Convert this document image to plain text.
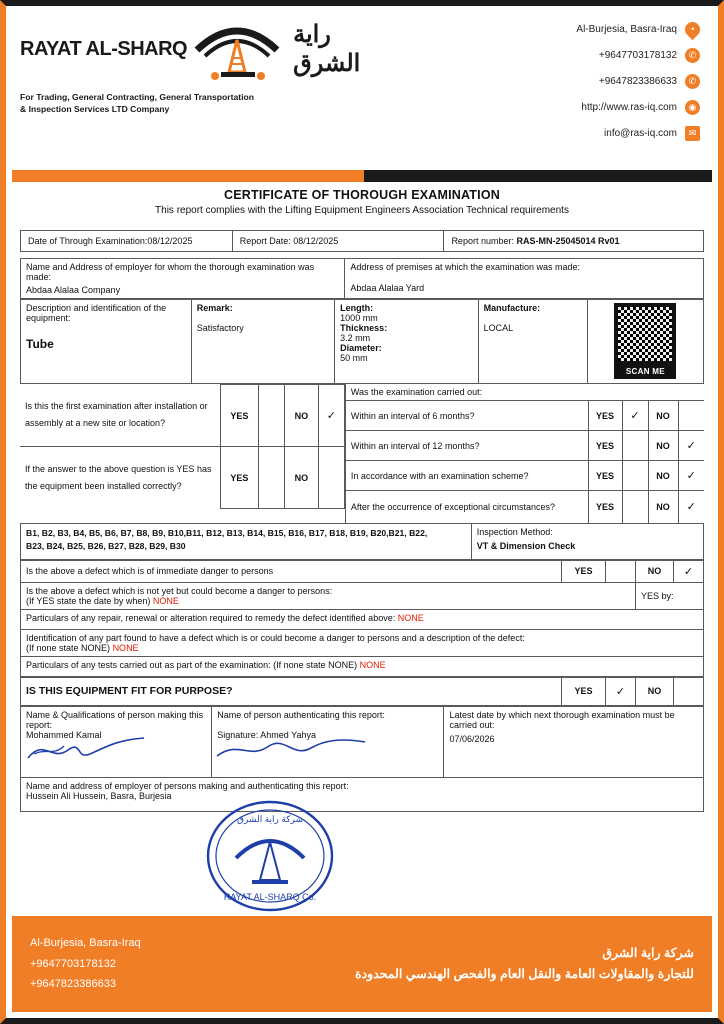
RAYAT AL-SHARQ
راية الشرق
For Trading, General Contracting, General Transportation
& Inspection Services LTD Company
Al-Burjesia, Basra-Iraq •
+9647703178132	✆
+9647823386633	✆
http://www.ras-iq.com	◉
info@ras-iq.com	✉
CERTIFICATE OF THOROUGH EXAMINATION
This report complies with the Lifting Equipment Engineers Association Technical requirements
Date of Through Examination:08/12/2025	Report Date: 08/12/2025	Report number: RAS-MN-25045014 Rv01
Name and Address of employer for whom the thorough examination was made:
Abdaa Alalaa Company

Address of premises at which the examination was made:
Abdaa Alalaa Yard
Description and identification of the equipment:
Tube

Remark:
Satisfactory

Length:
1000 mm
Thickness:
3.2 mm
Diameter:
50 mm

Manufacture:
LOCAL

SCAN ME
Is this the first examination after installation or assembly at a new site or location?	YES		NO	✓
If the answer to the above question is YES has the equipment been installed correctly?	YES		NO	

Was the examination carried out:
Within an interval of 6 months?	YES	✓	NO	
Within an interval of 12 months?	YES		NO	✓
In accordance with an examination scheme?	YES		NO	✓
After the occurrence of exceptional circumstances?	YES		NO	✓
B1, B2, B3, B4, B5, B6, B7, B8, B9, B10,B11, B12, B13, B14, B15, B16, B17, B18, B19, B20,B21, B22,
B23, B24, B25, B26, B27, B28, B29, B30

Inspection Method:
VT & Dimension Check
Is the above a defect which is of immediate danger to persons	YES		NO	✓

Is the above a defect which is not yet but could become a danger to persons:
(If YES state the date by when) NONE			YES by:	
Particulars of any repair, renewal or alteration required to remedy the defect identified above: NONE				

Identification of any part found to have a defect which is or could become a danger to persons and a description of the defect:
(If none state NONE) NONE				

Particulars of any tests carried out as part of the examination: (If none state NONE) NONE				
IS THIS EQUIPMENT FIT FOR PURPOSE?	YES	✓	NO	
Name & Qualifications of person making this report:
Mohammed Kamal

Name of person authenticating this report:
Signature: Ahmed Yahya

Latest date by which next thorough examination must be carried out:
07/06/2026

Name and address of employer of persons making and authenticating this report:
Hussein Ali Hussein, Basra, Burjesia
شركة راية الشرق
RAYAT AL-SHARQ Co.
Al-Burjesia, Basra-Iraq
+9647703178132
+9647823386633
شركة راية الشرق
للتجارة والمقاولات العامة والنقل العام والفحص الهندسي المحدودة
